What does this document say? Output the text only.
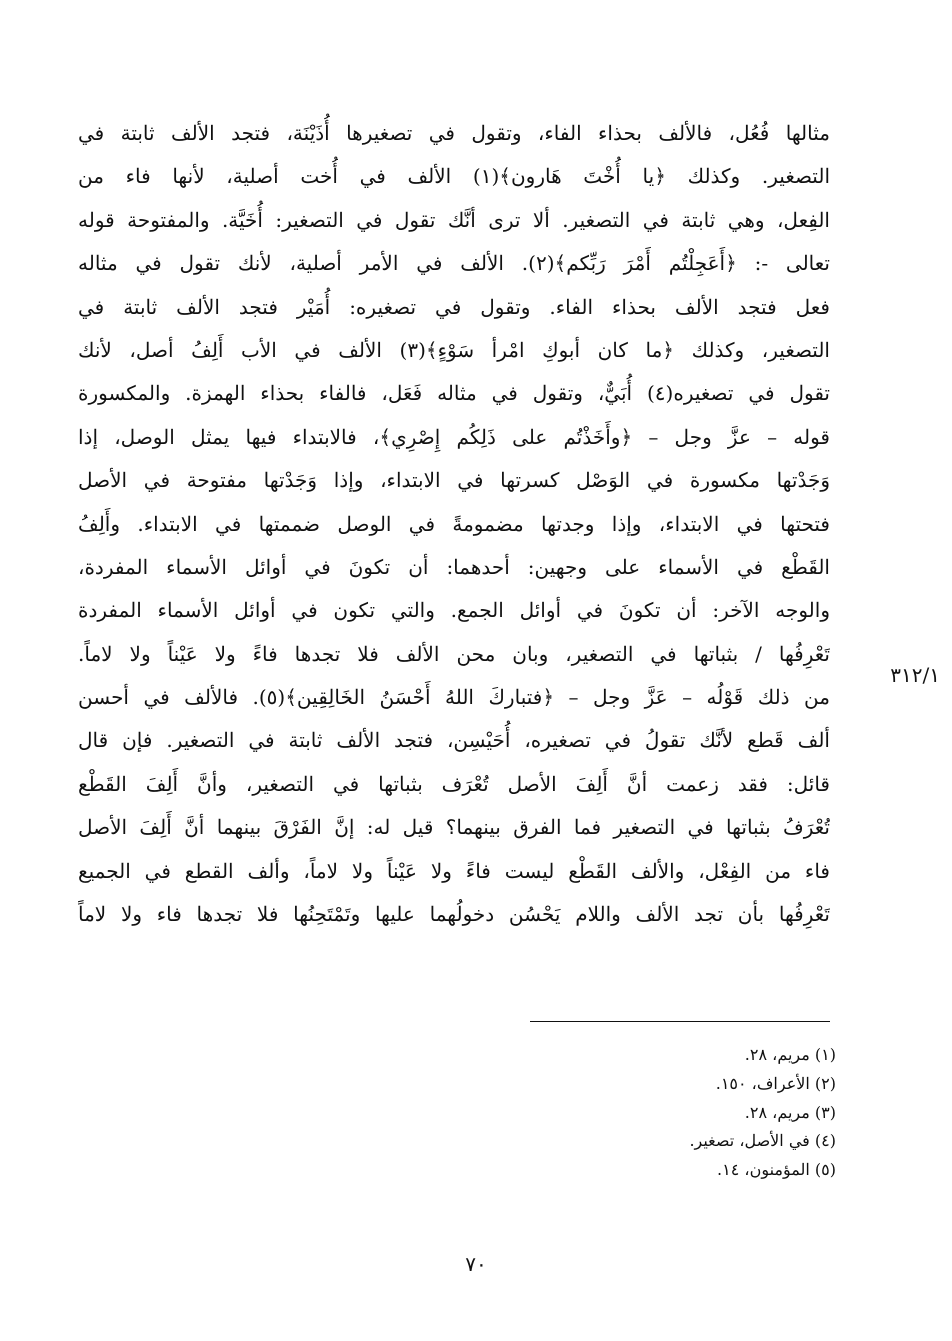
مثالها فُعُل، فالألف بحذاء الفاء، وتقول في تصغيرها أُذَيْنَة، فتجد الألف ثابتة في
التصغير. وكذلك ﴿يا أُخْتَ هَارون﴾(١) الألف في أُخت أصلية، لأنها فاء من
الفِعل، وهي ثابتة في التصغير. ألا ترى أنَّك تقول في التصغير: أُخَيَّة. والمفتوحة قوله
تعالى -: ﴿أَعَجِلْتُم أَمْرَ رَبِّكم﴾(٢). الألف في الأمر أصلية، لأنك تقول في مثاله
فعل فتجد الألف بحذاء الفاء. وتقول في تصغيره: أُمَيْر فتجد الألف ثابتة في
التصغير، وكذلك ﴿ما كان أبوكِ امْرأ سَوْءٍ﴾(٣) الألف في الأب أَلِفُ أصل، لأنك
تقول في تصغيره(٤) أُبَيٌّ، وتقول في مثاله فَعَل، فالفاء بحذاء الهمزة. والمكسورة
قوله – عزَّ وجل – ﴿وأَخَذْتُم على ذَلِكُم إِصْرِي﴾، فالابتداء فيها يمثل الوصل، إذا
وَجَدْتها مكسورة في الوَصْل كسرتها في الابتداء، وإذا وَجَدْتها مفتوحة في الأصل
فتحتها في الابتداء، وإذا وجدتها مضمومةً في الوصل ضممتها في الابتداء. وأَلِفُ
القَطْع في الأسماء على وجهين: أحدهما: أن تكونَ في أوائل الأسماء المفردة،
والوجه الآخر: أن تكونَ في أوائل الجمع. والتي تكون في أوائل الأسماء المفردة
تَعْرِفُها / بثباتها في التصغير، وبان محن الألف فلا تجدها فاءً ولا عَيْناً ولا لاماً.
من ذلك قَوْلُه – عَزَّ وجل – ﴿فتباركَ اللهُ أَحْسَنُ الخَالِقِين﴾(٥). فالألف في أحسن
ألف قَطع لأنَّك تقولُ في تصغيره، أُحَيْسِن، فتجد الألف ثابتة في التصغير. فإن قال
قائل: فقد زعمت أنَّ أَلِفَ الأصل تُعْرَف بثباتها في التصغير، وأنَّ أَلِفَ القَطْع
تُعْرَفُ بثباتها في التصغير فما الفرق بينهما؟ قيل له: إنَّ الفَرْقَ بينهما أنَّ أَلِفَ الأصل
فاء من الفِعْل، والألف القَطْع ليست فاءً ولا عَيْناً ولا لاماً، وألف القطع في الجميع
تَعْرِفُها بأن تجد الألف واللام يَحْسُن دخولُهما عليها وتَمْتَحِنُها فلا تجدها فاء ولا لاماً
٣١٢/١
(١) مريم، ٢٨.
(٢) الأعراف، ١٥٠.
(٣) مريم، ٢٨.
(٤) في الأصل، تصغير.
(٥) المؤمنون، ١٤.
٧٠
